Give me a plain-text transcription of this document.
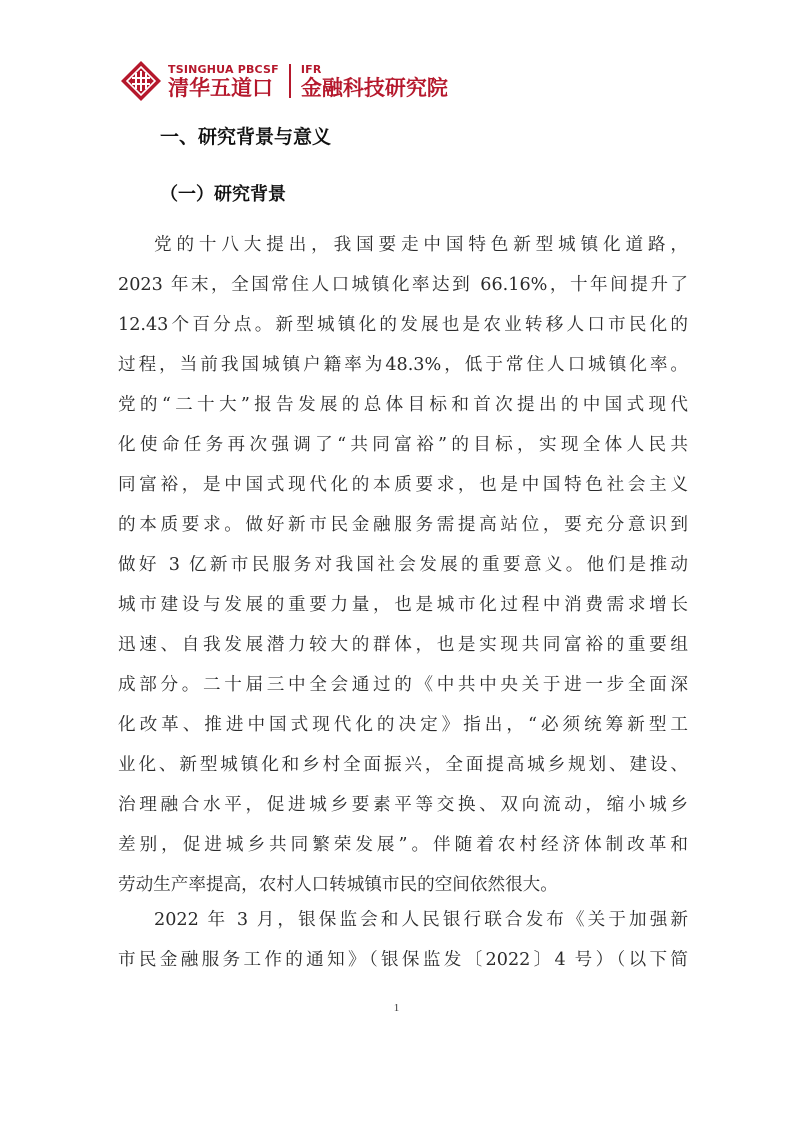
TSINGHUA PBCSF
清华五道口
IFR
金融科技研究院
一、研究背景与意义
（一）研究背景
党的十八大提出，我国要走中国特色新型城镇化道路，
2023 年末，全国常住人口城镇化率达到 66.16%，十年间提升了
12.43个百分点。新型城镇化的发展也是农业转移人口市民化的
过程，当前我国城镇户籍率为48.3%，低于常住人口城镇化率。
党的“二十大”报告发展的总体目标和首次提出的中国式现代
化使命任务再次强调了“共同富裕”的目标，实现全体人民共
同富裕，是中国式现代化的本质要求，也是中国特色社会主义
的本质要求。做好新市民金融服务需提高站位，要充分意识到
做好 3 亿新市民服务对我国社会发展的重要意义。他们是推动
城市建设与发展的重要力量，也是城市化过程中消费需求增长
迅速、自我发展潜力较大的群体，也是实现共同富裕的重要组
成部分。二十届三中全会通过的《中共中央关于进一步全面深
化改革、推进中国式现代化的决定》指出，“必须统筹新型工
业化、新型城镇化和乡村全面振兴，全面提高城乡规划、建设、
治理融合水平，促进城乡要素平等交换、双向流动，缩小城乡
差别，促进城乡共同繁荣发展”。伴随着农村经济体制改革和
劳动生产率提高，农村人口转城镇市民的空间依然很大。
2022 年 3 月，银保监会和人民银行联合发布《关于加强新
市民金融服务工作的通知》（银保监发〔2022〕4 号）（以下简
1
